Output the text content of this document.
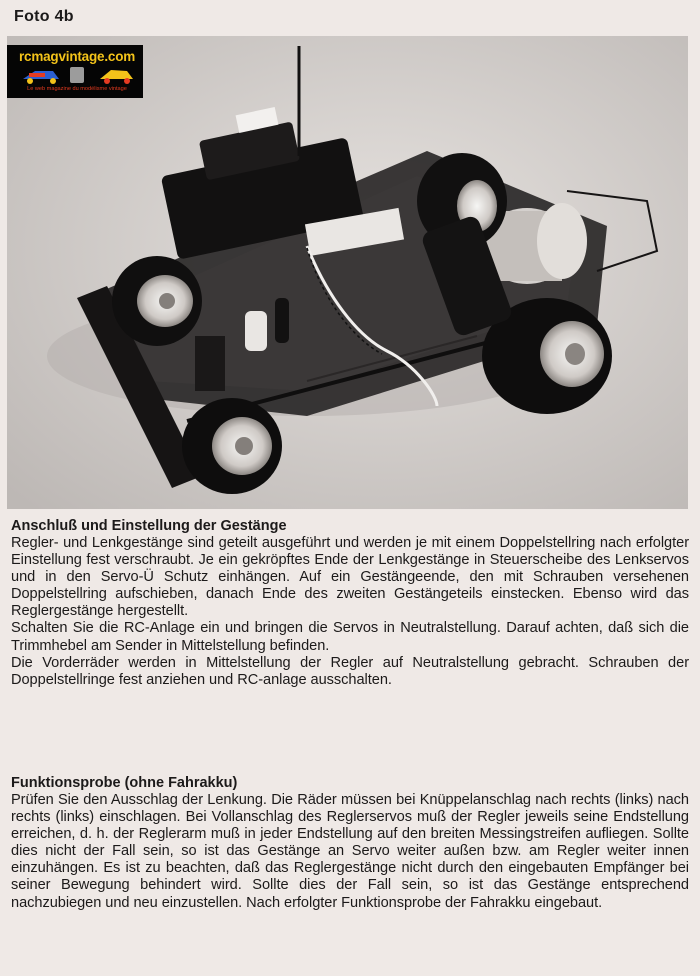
Foto 4b
rcmagvintage.com
Le web magazine du modélisme vintage
Anschluß und Einstellung der Gestänge

Regler- und Lenkgestänge sind geteilt ausgeführt und werden je mit einem Doppelstellring nach erfolgter Einstellung fest verschraubt. Je ein gekröpftes Ende der Lenkgestänge in Steuerscheibe des Lenkservos und in den Servo-Ü Schutz einhängen. Auf ein Gestängeende, den mit Schrauben versehenen Doppelstellring aufschieben, danach Ende des zweiten Gestängeteils einstecken. Ebenso wird das Reglergestänge hergestellt.

Schalten Sie die RC-Anlage ein und bringen die Servos in Neutralstellung. Darauf achten, daß sich die Trimmhebel am Sender in Mittelstellung befinden.

Die Vorderräder werden in Mittelstellung der Regler auf Neutralstellung gebracht. Schrauben der Doppelstellringe fest anziehen und RC-anlage ausschalten.

Funktionsprobe (ohne Fahrakku)

Prüfen Sie den Ausschlag der Lenkung. Die Räder müssen bei Knüppelanschlag nach rechts (links) nach rechts (links) einschlagen. Bei Vollanschlag des Reglerservos muß der Regler jeweils seine Endstellung erreichen, d. h. der Reglerarm muß in jeder Endstellung auf den breiten Messingstreifen aufliegen. Sollte dies nicht der Fall sein, so ist das Gestänge an Servo weiter außen bzw. am Regler weiter innen einzuhängen. Es ist zu beachten, daß das Reglergestänge nicht durch den eingebauten Empfänger bei seiner Bewegung behindert wird. Sollte dies der Fall sein, so ist das Gestänge entsprechend nachzubiegen und neu einzustellen. Nach erfolgter Funktionsprobe der Fahrakku eingebaut.
